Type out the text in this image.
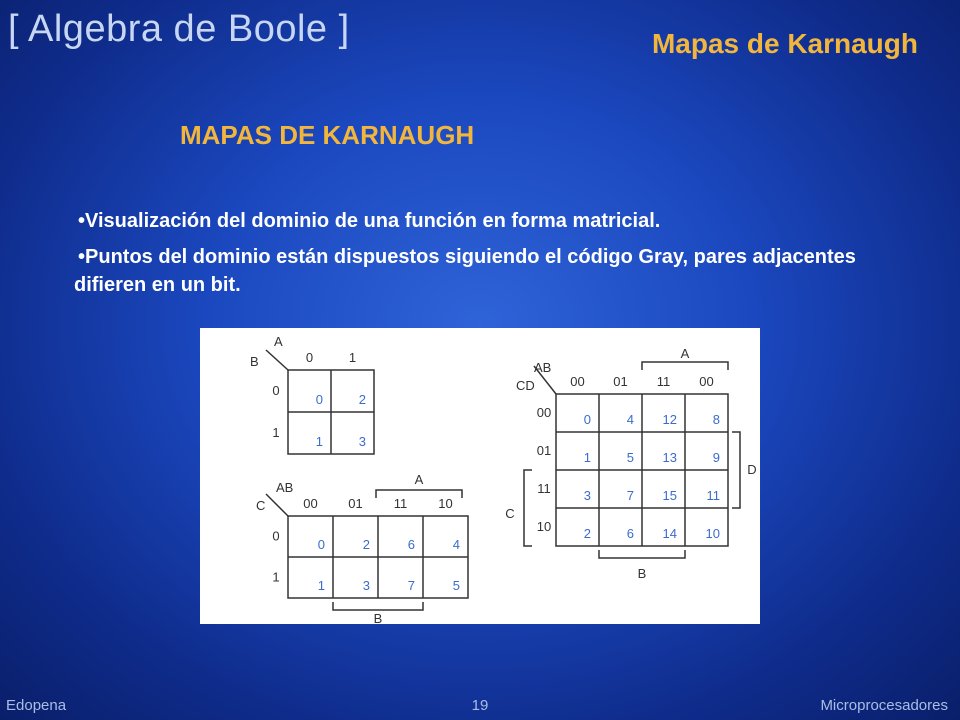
[ Algebra de Boole ]	Mapas de Karnaugh
MAPAS DE KARNAUGH
•Visualización del dominio de una función en forma matricial.
•Puntos del dominio están dispuestos siguiendo el código Gray, pares adjacentes difieren en un bit.
A
B	0	1
0
1
0	2
1	3
AB
C	00 01 11 10
0
1
0	2	6	4
1	3	7	5
A
B
AB
CD	00 01 11 00
00
01
11
10
0	4 12	8
1	5 13	9
3	7 15 11
2	6 14 10
A
B
D
C
Edopena	19	Microprocesadores
